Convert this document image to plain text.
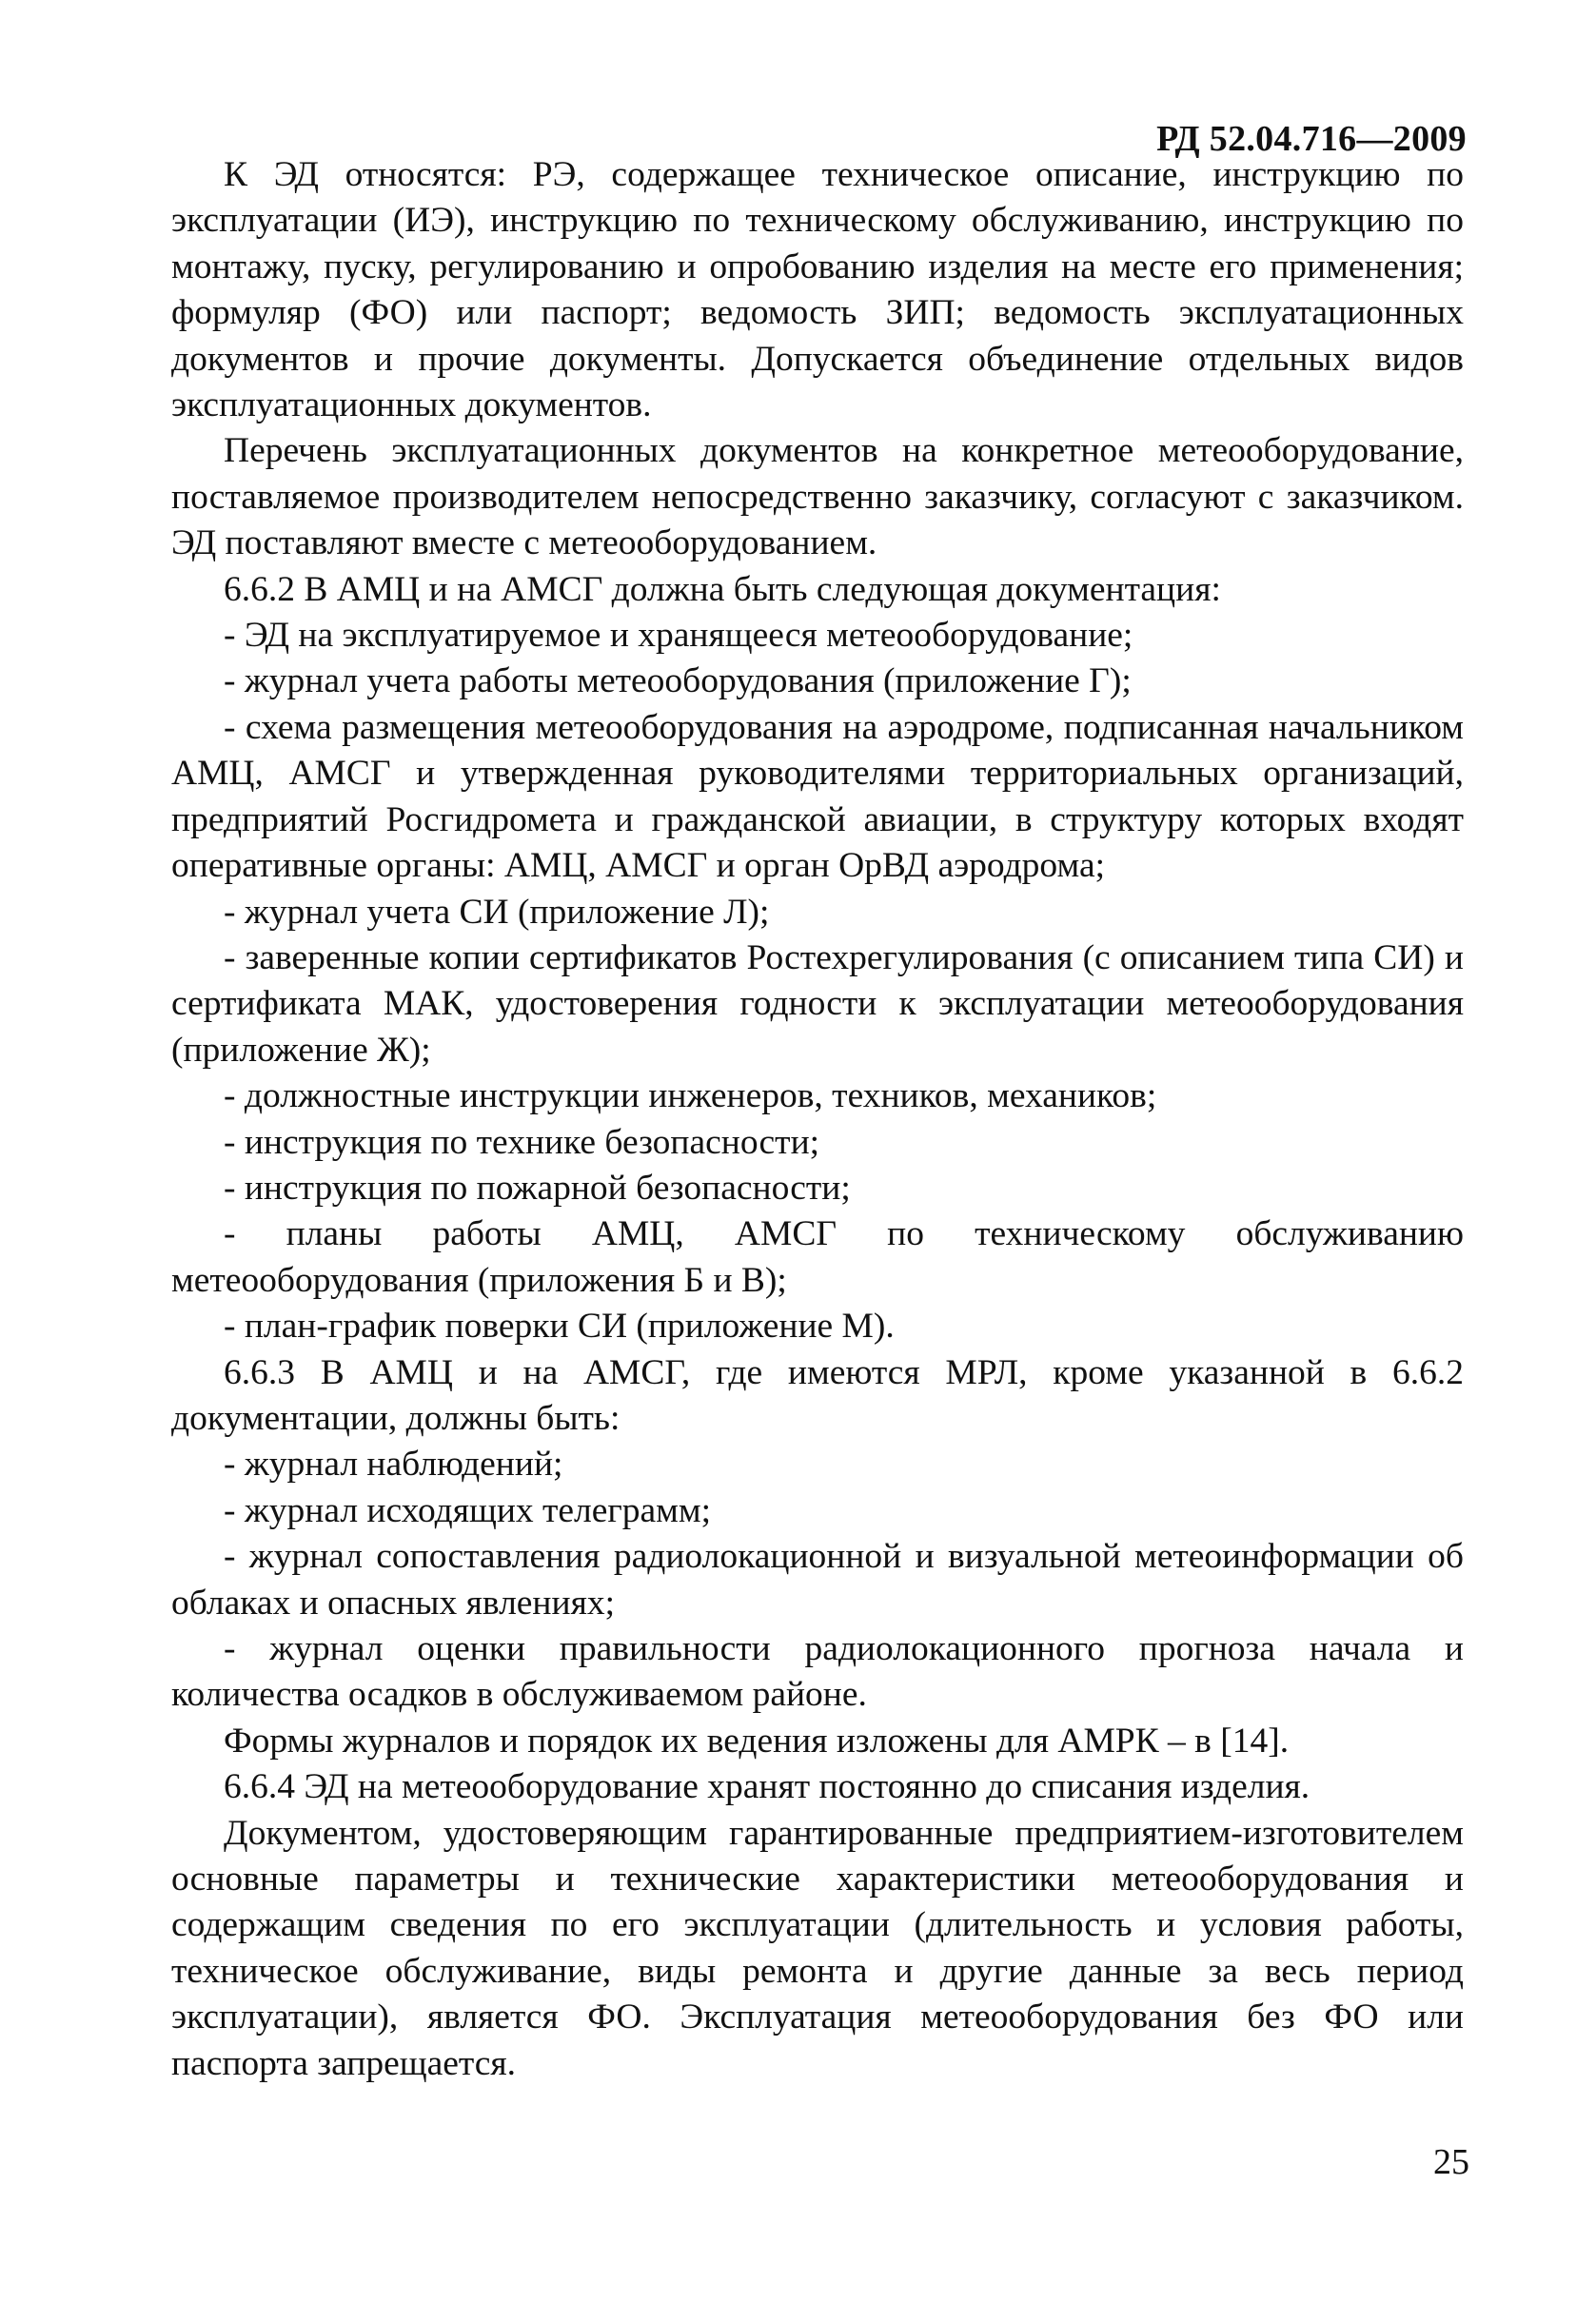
РД 52.04.716—2009

К ЭД относятся: РЭ, содержащее техническое описание, инструкцию по эксплуатации (ИЭ), инструкцию по техническому обслуживанию, инструкцию по монтажу, пуску, регулированию и опробованию изделия на месте его применения; формуляр (ФО) или паспорт; ведомость ЗИП; ведомость эксплуатационных документов и прочие документы. Допускается объединение отдельных видов эксплуатационных документов.

Перечень эксплуатационных документов на конкретное метеооборудование, поставляемое производителем непосредственно заказчику, согласуют с заказчиком. ЭД поставляют вместе с метеооборудованием.

6.6.2 В АМЦ и на АМСГ должна быть следующая документация:

- ЭД на эксплуатируемое и хранящееся метеооборудование;

- журнал учета работы метеооборудования (приложение Г);

- схема размещения метеооборудования на аэродроме, подписанная начальником АМЦ, АМСГ и утвержденная руководителями территориальных организаций, предприятий Росгидромета и гражданской авиации, в структуру которых входят оперативные органы: АМЦ, АМСГ и орган ОрВД аэродрома;

- журнал учета СИ (приложение Л);

- заверенные копии сертификатов Ростехрегулирования (с описанием типа СИ) и сертификата МАК, удостоверения годности к эксплуатации метеооборудования (приложение Ж);

- должностные инструкции инженеров, техников, механиков;

- инструкция по технике безопасности;

- инструкция по пожарной безопасности;

- планы работы АМЦ, АМСГ по техническому обслуживанию метеооборудования (приложения Б и В);

- план-график поверки СИ (приложение М).

6.6.3 В АМЦ и на АМСГ, где имеются МРЛ, кроме указанной в 6.6.2 документации, должны быть:

- журнал наблюдений;

- журнал исходящих телеграмм;

- журнал сопоставления радиолокационной и визуальной метеоинформации об облаках и опасных явлениях;

- журнал оценки правильности радиолокационного прогноза начала и количества осадков в обслуживаемом районе.

Формы журналов и порядок их ведения изложены для АМРК – в [14].

6.6.4 ЭД на метеооборудование хранят постоянно до списания изделия.

Документом, удостоверяющим гарантированные предприятием-изготовителем основные параметры и технические характеристики метеооборудования и содержащим сведения по его эксплуатации (длительность и условия работы, техническое обслуживание, виды ремонта и другие данные за весь период эксплуатации), является ФО. Эксплуатация метеооборудования без ФО или паспорта запрещается.

25
